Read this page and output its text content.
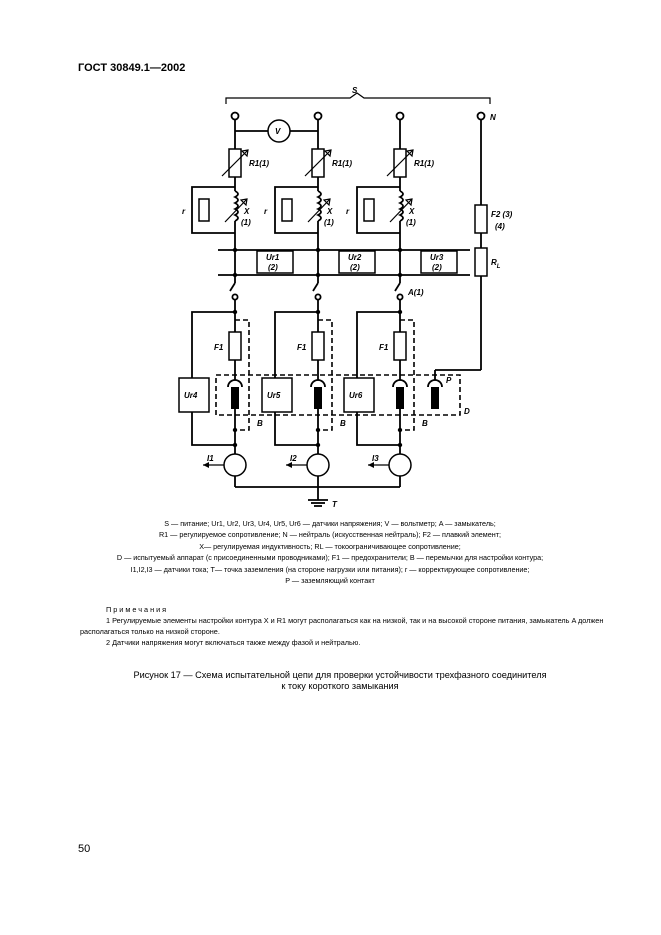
ГОСТ 30849.1—2002
S
N
V
R1(1)
r	X
(1)
R1(1)
r	X
(1)
R1(1)
r	X
(1)
Ur1
(2)
Ur2
(2)
Ur3
(2)
F2 (3)
(4)
$R_L$
A(1)
F1
Ur4
B
F1
Ur5
B
F1
Ur6
B
P
D
I1	I2	I3
T
S — питание; Ur1, Ur2, Ur3, Ur4, Ur5, Ur6 — датчики напряжения; V — вольтметр; A — замыкатель;
R1 — регулируемое сопротивление; N — нейтраль (искусственная нейтраль); F2 — плавкий элемент;
X— регулируемая индуктивность; RL — токоограничивающее сопротивление;
D — испытуемый аппарат (с присоединенными проводниками); F1 — предохранители; B — перемычки для настройки контура;
I1,I2,I3 — датчики тока; T— точка заземления (на стороне нагрузки или питания); r — корректирующее сопротивление;
P — заземляющий контакт
Примечания
1 Регулируемые элементы настройки контура X и R1 могут располагаться как на низкой, так и на высокой стороне питания, замыкатель A должен располагаться только на низкой стороне.
2 Датчики напряжения могут включаться также между фазой и нейтралью.
Рисунок 17 — Схема испытательной цепи для проверки устойчивости трехфазного соединителя
к току короткого замыкания
50
